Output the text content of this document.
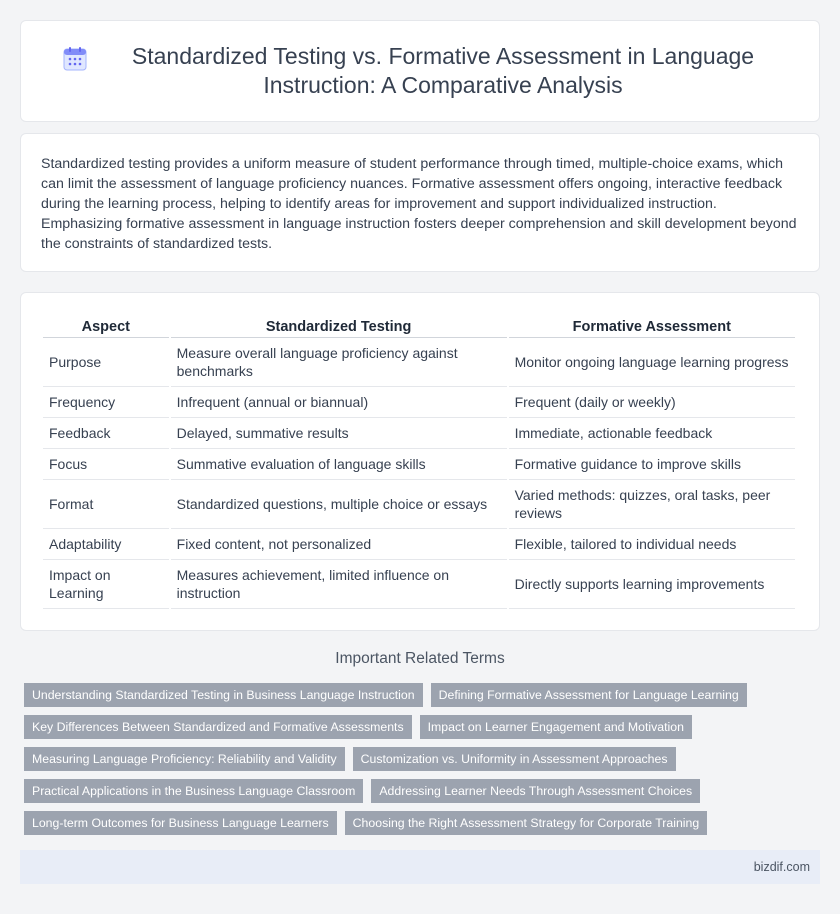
Standardized Testing vs. Formative Assessment in Language Instruction: A Comparative Analysis

Standardized testing provides a uniform measure of student performance through timed, multiple-choice exams, which can limit the assessment of language proficiency nuances. Formative assessment offers ongoing, interactive feedback during the learning process, helping to identify areas for improvement and support individualized instruction. Emphasizing formative assessment in language instruction fosters deeper comprehension and skill development beyond the constraints of standardized tests.

Aspect	Standardized Testing	Formative Assessment
Purpose	Measure overall language proficiency against benchmarks	Monitor ongoing language learning progress
Frequency	Infrequent (annual or biannual)	Frequent (daily or weekly)
Feedback	Delayed, summative results	Immediate, actionable feedback
Focus	Summative evaluation of language skills	Formative guidance to improve skills
Format	Standardized questions, multiple choice or essays	Varied methods: quizzes, oral tasks, peer reviews
Adaptability	Fixed content, not personalized	Flexible, tailored to individual needs
Impact on Learning	Measures achievement, limited influence on instruction	Directly supports learning improvements
Important Related Terms
Understanding Standardized Testing in Business Language Instruction	Defining Formative Assessment for Language Learning
Key Differences Between Standardized and Formative Assessments	Impact on Learner Engagement and Motivation
Measuring Language Proficiency: Reliability and Validity	Customization vs. Uniformity in Assessment Approaches
Practical Applications in the Business Language Classroom	Addressing Learner Needs Through Assessment Choices
Long-term Outcomes for Business Language Learners	Choosing the Right Assessment Strategy for Corporate Training
bizdif.com
